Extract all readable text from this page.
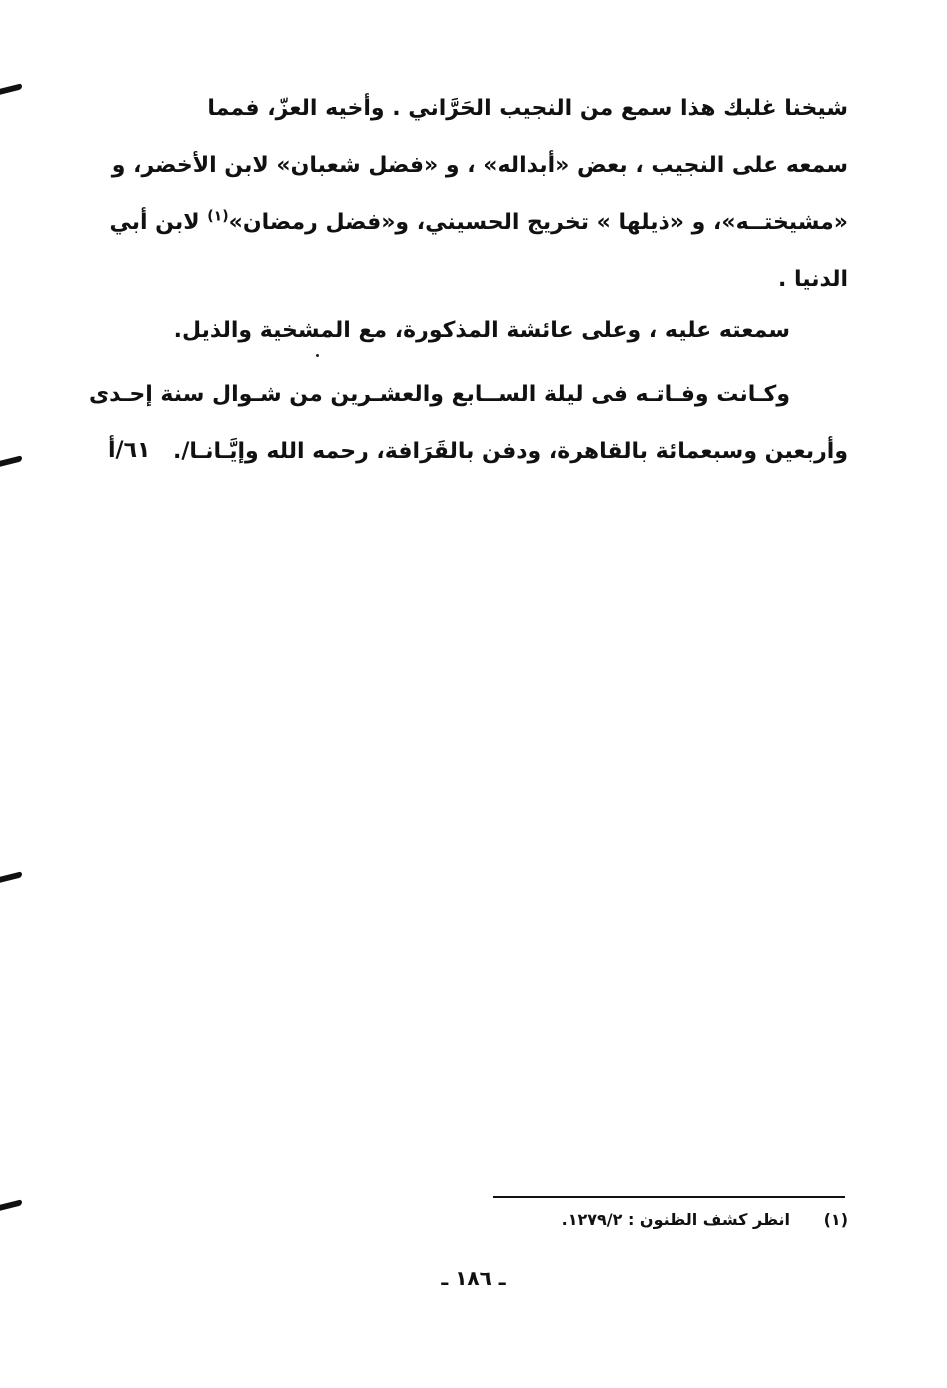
شيخنا غلبك هذا سمع من النجيب الحَرَّاني . وأخيه العزّ، فمما
سمعه على النجيب ، بعض «أبداله» ، و «فضل شعبان» لابن الأخضر، و
«مشيختــه»، و «ذيلها » تخريج الحسيني، و«فضل رمضان»$^{(١)}$ لابن أبي
الدنيا .
سمعته عليه ، وعلى عائشة المذكورة، مع المشخية والذيل.
وكـانت وفـاتـه فى ليلة الســابع والعشـرين من شـوال سنة إحـدى
وأربعين وسبعمائة بالقاهرة، ودفن بالقَرَافة، رحمه الله وإيَّـانـا/.
٦١/أ
(١) انظر كشف الظنون : ١٢٧٩/٢.
ـ ١٨٦ ـ
